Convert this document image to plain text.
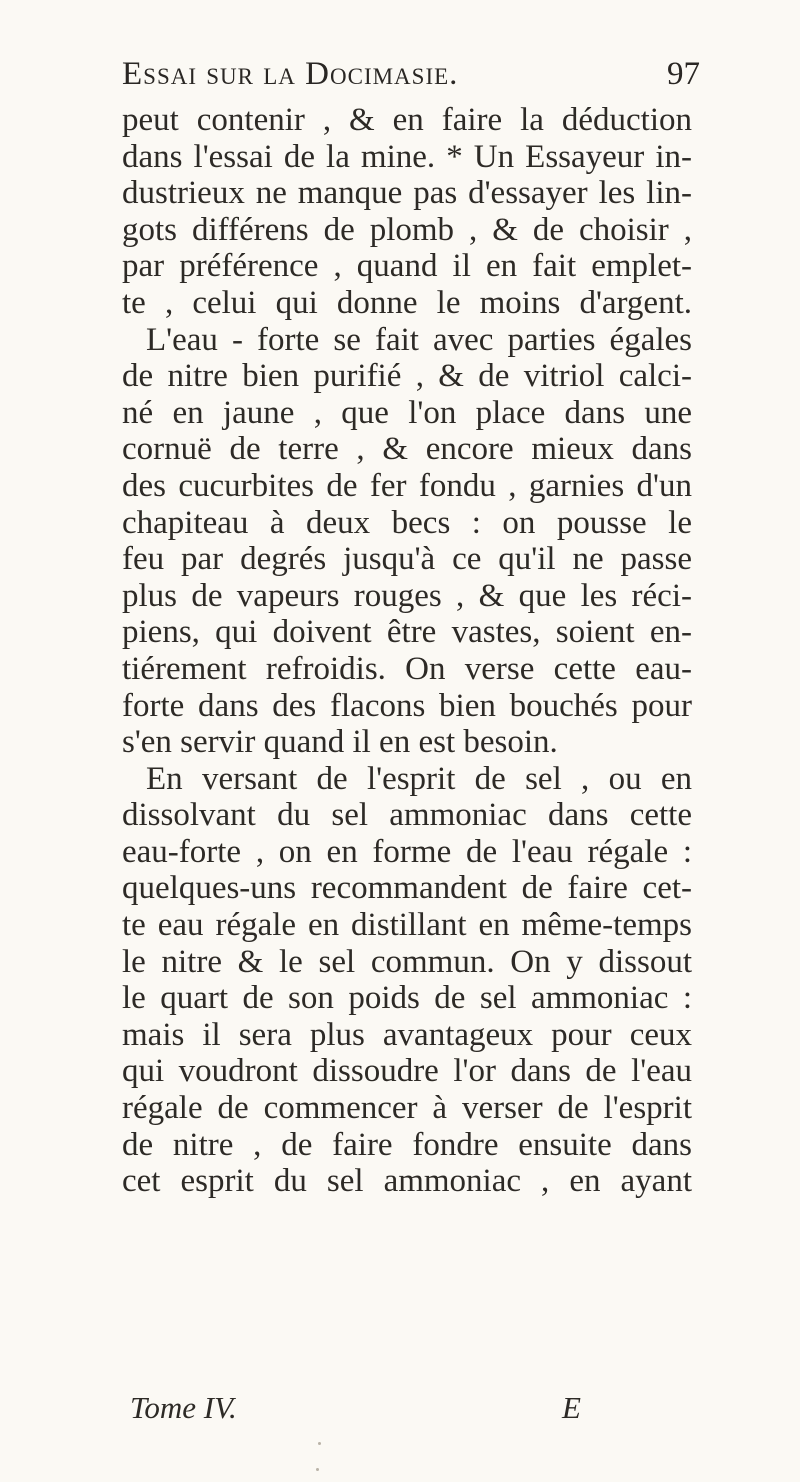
Essai sur la Docimasie.	97
peut contenir , & en faire la déduction
dans l'essai de la mine. * Un Essayeur in-
dustrieux ne manque pas d'essayer les lin-
gots différens de plomb , & de choisir ,
par préférence , quand il en fait emplet-
te , celui qui donne le moins d'argent.
L'eau - forte se fait avec parties égales
de nitre bien purifié , & de vitriol calci-
né en jaune , que l'on place dans une
cornuë de terre , & encore mieux dans
des cucurbites de fer fondu , garnies d'un
chapiteau à deux becs : on pousse le
feu par degrés jusqu'à ce qu'il ne passe
plus de vapeurs rouges , & que les réci-
piens, qui doivent être vastes, soient en-
tiérement refroidis. On verse cette eau-
forte dans des flacons bien bouchés pour
s'en servir quand il en est besoin.
En versant de l'esprit de sel , ou en
dissolvant du sel ammoniac dans cette
eau-forte , on en forme de l'eau régale :
quelques-uns recommandent de faire cet-
te eau régale en distillant en même-temps
le nitre & le sel commun. On y dissout
le quart de son poids de sel ammoniac :
mais il sera plus avantageux pour ceux
qui voudront dissoudre l'or dans de l'eau
régale de commencer à verser de l'esprit
de nitre , de faire fondre ensuite dans
cet esprit du sel ammoniac , en ayant
Tome IV.	E
